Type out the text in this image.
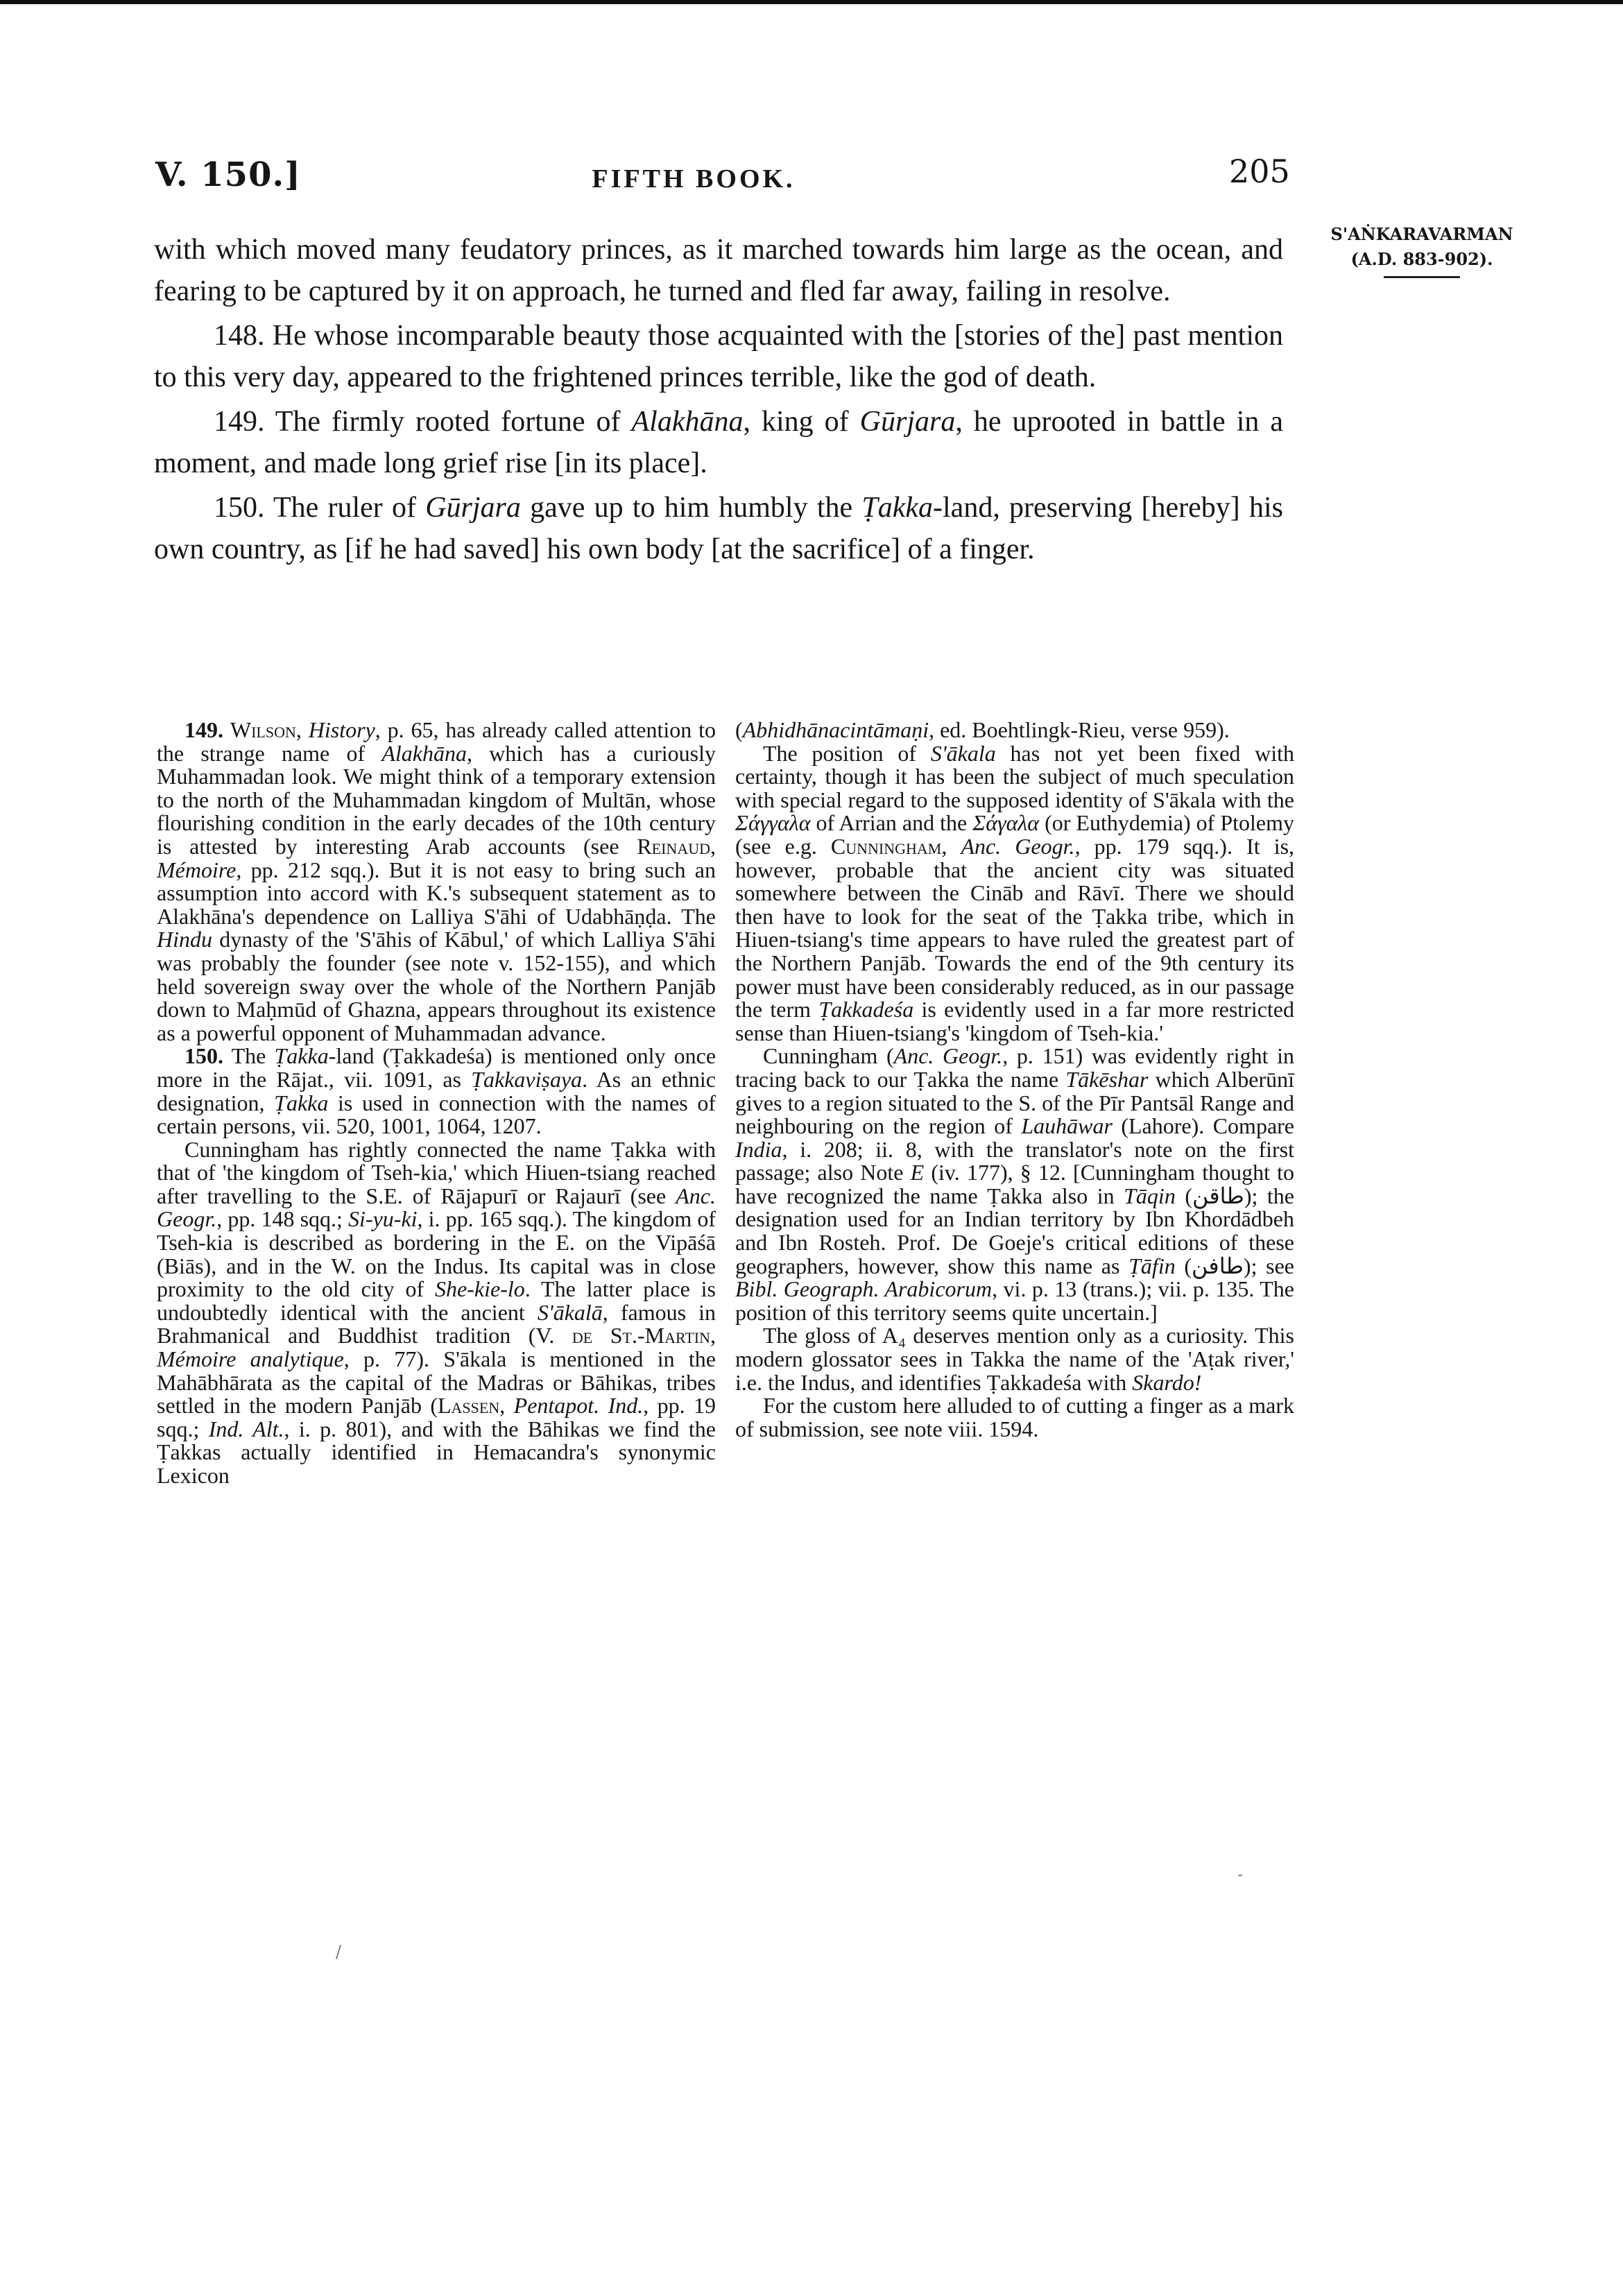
V. 150.]	FIFTH BOOK.	205
S'AṄKARAVARMAN
(A.D. 883-902).

with which moved many feudatory princes, as it marched towards him large as the ocean, and fearing to be captured by it on approach, he turned and fled far away, failing in resolve.

148. He whose incomparable beauty those acquainted with the [stories of the] past mention to this very day, appeared to the frightened princes terrible, like the god of death.

149. The firmly rooted fortune of Alakhāna, king of Gūrjara, he uprooted in battle in a moment, and made long grief rise [in its place].

150. The ruler of Gūrjara gave up to him humbly the Ṭakka-land, preserving [hereby] his own country, as [if he had saved] his own body [at the sacrifice] of a finger.

149. Wilson, History, p. 65, has already called attention to the strange name of Alakhāna, which has a curiously Muhammadan look. We might think of a temporary extension to the north of the Muhammadan kingdom of Multān, whose flourishing condition in the early decades of the 10th century is attested by interesting Arab accounts (see Reinaud, Mémoire, pp. 212 sqq.). But it is not easy to bring such an assumption into accord with K.'s subsequent statement as to Alakhāna's dependence on Lalliya S'āhi of Udabhāṇḍa. The Hindu dynasty of the 'S'āhis of Kābul,' of which Lalliya S'āhi was probably the founder (see note v. 152-155), and which held sovereign sway over the whole of the Northern Panjāb down to Maḥmūd of Ghazna, appears throughout its existence as a powerful opponent of Muhammadan advance.

150. The Ṭakka-land (Ṭakkadeśa) is mentioned only once more in the Rājat., vii. 1091, as Ṭakkaviṣaya. As an ethnic designation, Ṭakka is used in connection with the names of certain persons, vii. 520, 1001, 1064, 1207.

Cunningham has rightly connected the name Ṭakka with that of 'the kingdom of Tseh-kia,' which Hiuen-tsiang reached after travelling to the S.E. of Rājapurī or Rajaurī (see Anc. Geogr., pp. 148 sqq.; Si-yu-ki, i. pp. 165 sqq.). The kingdom of Tseh-kia is described as bordering in the E. on the Vipāśā (Biās), and in the W. on the Indus. Its capital was in close proximity to the old city of She-kie-lo. The latter place is undoubtedly identical with the ancient S'ākalā, famous in Brahmanical and Buddhist tradition (V. de St.-Martin, Mémoire analytique, p. 77). S'ākala is mentioned in the Mahābhārata as the capital of the Madras or Bāhikas, tribes settled in the modern Panjāb (Lassen, Pentapot. Ind., pp. 19 sqq.; Ind. Alt., i. p. 801), and with the Bāhikas we find the Ṭakkas actually identified in Hemacandra's synonymic Lexicon

(Abhidhānacintāmaṇi, ed. Boehtlingk-Rieu, verse 959).

The position of S'ākala has not yet been fixed with certainty, though it has been the subject of much speculation with special regard to the supposed identity of S'ākala with the Σάγγαλα of Arrian and the Σάγαλα (or Euthydemia) of Ptolemy (see e.g. Cunningham, Anc. Geogr., pp. 179 sqq.). It is, however, probable that the ancient city was situated somewhere between the Cināb and Rāvī. There we should then have to look for the seat of the Ṭakka tribe, which in Hiuen-tsiang's time appears to have ruled the greatest part of the Northern Panjāb. Towards the end of the 9th century its power must have been considerably reduced, as in our passage the term Ṭakkadeśa is evidently used in a far more restricted sense than Hiuen-tsiang's 'kingdom of Tseh-kia.'

Cunningham (Anc. Geogr., p. 151) was evidently right in tracing back to our Ṭakka the name Tākēshar which Alberūnī gives to a region situated to the S. of the Pīr Pantsāl Range and neighbouring on the region of Lauhāwar (Lahore). Compare India, i. 208; ii. 8, with the translator's note on the first passage; also Note E (iv. 177), § 12. [Cunningham thought to have recognized the name Ṭakka also in Tāqin (طاقن); the designation used for an Indian territory by Ibn Khordādbeh and Ibn Rosteh. Prof. De Goeje's critical editions of these geographers, however, show this name as Ṭāfin (طافن); see Bibl. Geograph. Arabicorum, vi. p. 13 (trans.); vii. p. 135. The position of this territory seems quite uncertain.]

The gloss of A₄ deserves mention only as a curiosity. This modern glossator sees in Takka the name of the 'Aṭak river,' i.e. the Indus, and identifies Ṭakkadeśa with Skardo!

For the custom here alluded to of cutting a finger as a mark of submission, see note viii. 1594.

/
-
